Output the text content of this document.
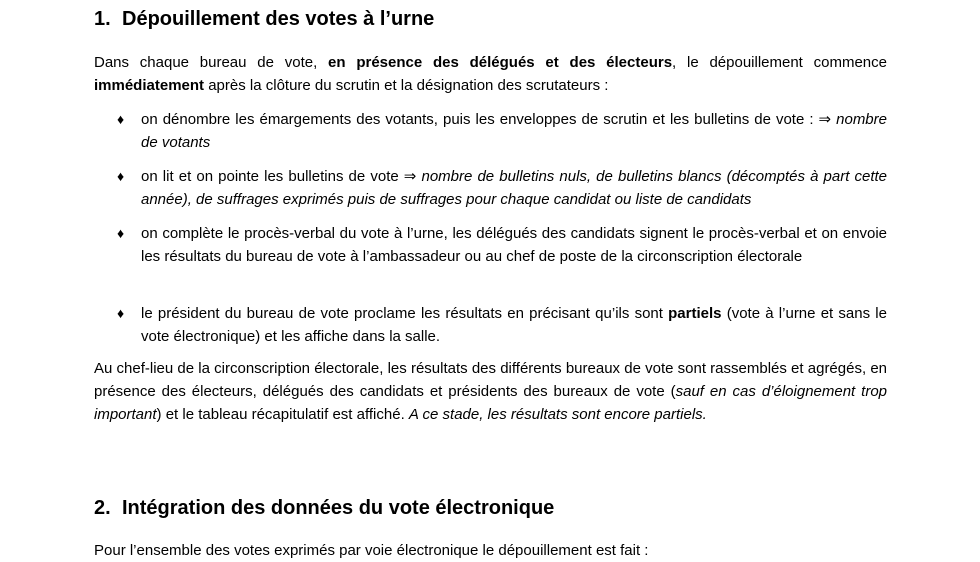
1. Dépouillement des votes à l’urne
Dans chaque bureau de vote, en présence des délégués et des électeurs, le dépouillement commence immédiatement après la clôture du scrutin et la désignation des scrutateurs :
♦ on dénombre les émargements des votants, puis les enveloppes de scrutin et les bulletins de vote : ⇒ nombre de votants
♦ on lit et on pointe les bulletins de vote ⇒ nombre de bulletins nuls, de bulletins blancs (décomptés à part cette année), de suffrages exprimés puis de suffrages pour chaque candidat ou liste de candidats
♦ on complète le procès-verbal du vote à l’urne, les délégués des candidats signent le procès-verbal et on envoie les résultats du bureau de vote à l’ambassadeur ou au chef de poste de la circonscription électorale
♦ le président du bureau de vote proclame les résultats en précisant qu’ils sont partiels (vote à l’urne et sans le vote électronique) et les affiche dans la salle.
Au chef-lieu de la circonscription électorale, les résultats des différents bureaux de vote sont rassemblés et agrégés, en présence des électeurs, délégués des candidats et présidents des bureaux de vote (sauf en cas d’éloignement trop important) et le tableau récapitulatif est affiché. A ce stade, les résultats sont encore partiels.
2. Intégration des données du vote électronique
Pour l’ensemble des votes exprimés par voie électronique le dépouillement est fait :
